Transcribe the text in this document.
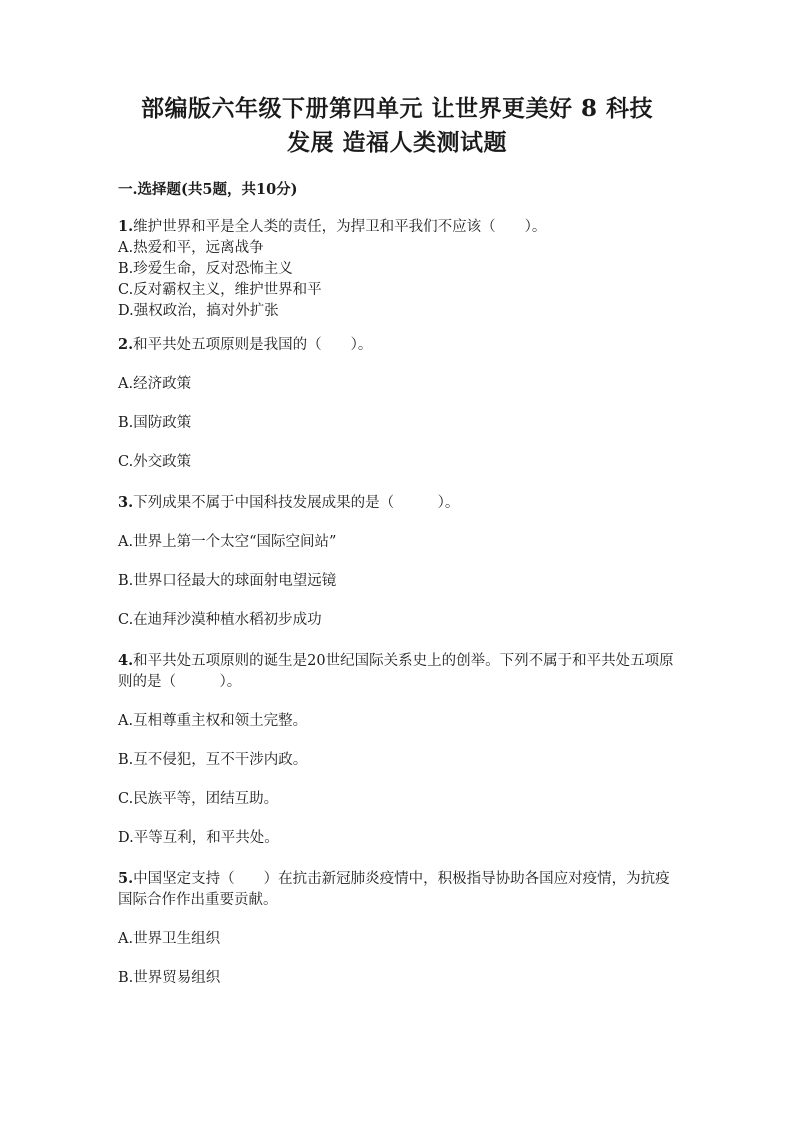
部编版六年级下册第四单元 让世界更美好 8 科技
发展 造福人类测试题
一.选择题(共5题，共10分)

1.维护世界和平是全人类的责任，为捍卫和平我们不应该（　　）。

A.热爱和平，远离战争

B.珍爱生命，反对恐怖主义

C.反对霸权主义，维护世界和平

D.强权政治，搞对外扩张

2.和平共处五项原则是我国的（　　）。

A.经济政策

B.国防政策

C.外交政策

3.下列成果不属于中国科技发展成果的是（　　　）。

A.世界上第一个太空“国际空间站”

B.世界口径最大的球面射电望远镜

C.在迪拜沙漠种植水稻初步成功

4.和平共处五项原则的诞生是20世纪国际关系史上的创举。下列不属于和平共处五项原则的是（　　　）。

A.互相尊重主权和领土完整。

B.互不侵犯，互不干涉内政。

C.民族平等，团结互助。

D.平等互利，和平共处。

5.中国坚定支持（　　）在抗击新冠肺炎疫情中，积极指导协助各国应对疫情，为抗疫国际合作作出重要贡献。

A.世界卫生组织

B.世界贸易组织
